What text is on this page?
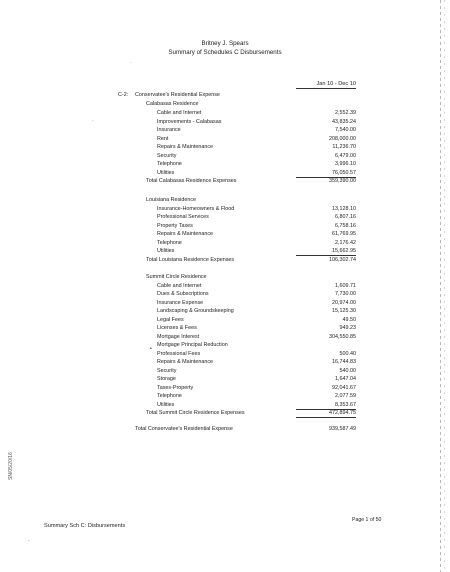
Britney J. Spears
Summary of Schedules C Disbursements
Jan 10 - Dec 10
C-2: Conservatee's Residential Expense
Calabasas Residence
Cable and Internet	2,552.39
Improvements - Calabasas	43,835.24
Insurance	7,540.00
Rent	208,000.00
Repairs & Maintenance	11,236.70
Security	6,479.00
Telephone	3,996.10
Utilities	76,050.57
Total Calabasas Residence Expenses	359,390.00
Louisiana Residence
Insurance-Homeowners & Flood	13,128.10
Professional Services	6,807.16
Property Taxes	6,758.16
Repairs & Maintenance	61,769.95
Telephone	2,176.42
Utilities	15,662.95
Total Louisiana Residence Expenses	106,302.74
Summit Circle Residence
Cable and Internet	1,609.71
Dues & Subscriptions	7,730.00
Insurance Expense	20,974.00
Landscaping & Groundskeeping	15,125.30
Legal Fees	49.50
Licenses & Fees	949.23
Mortgage Interest	304,550.85
•
Mortgage Principal Reduction
Professional Fees	500.40
Repairs & Maintenance	16,744.83
Security	540.00
Storage	1,647.04
Taxes-Property	92,041.67
Telephone	2,077.59
Utilities	8,353.67
Total Summit Circle Residence Expenses	472,894.75
Total Conservatee's Residential Expense	939,587.49
SN/05/20/16
Summary Sch C: Disbursements
Page 1 of 50
·
·
-
